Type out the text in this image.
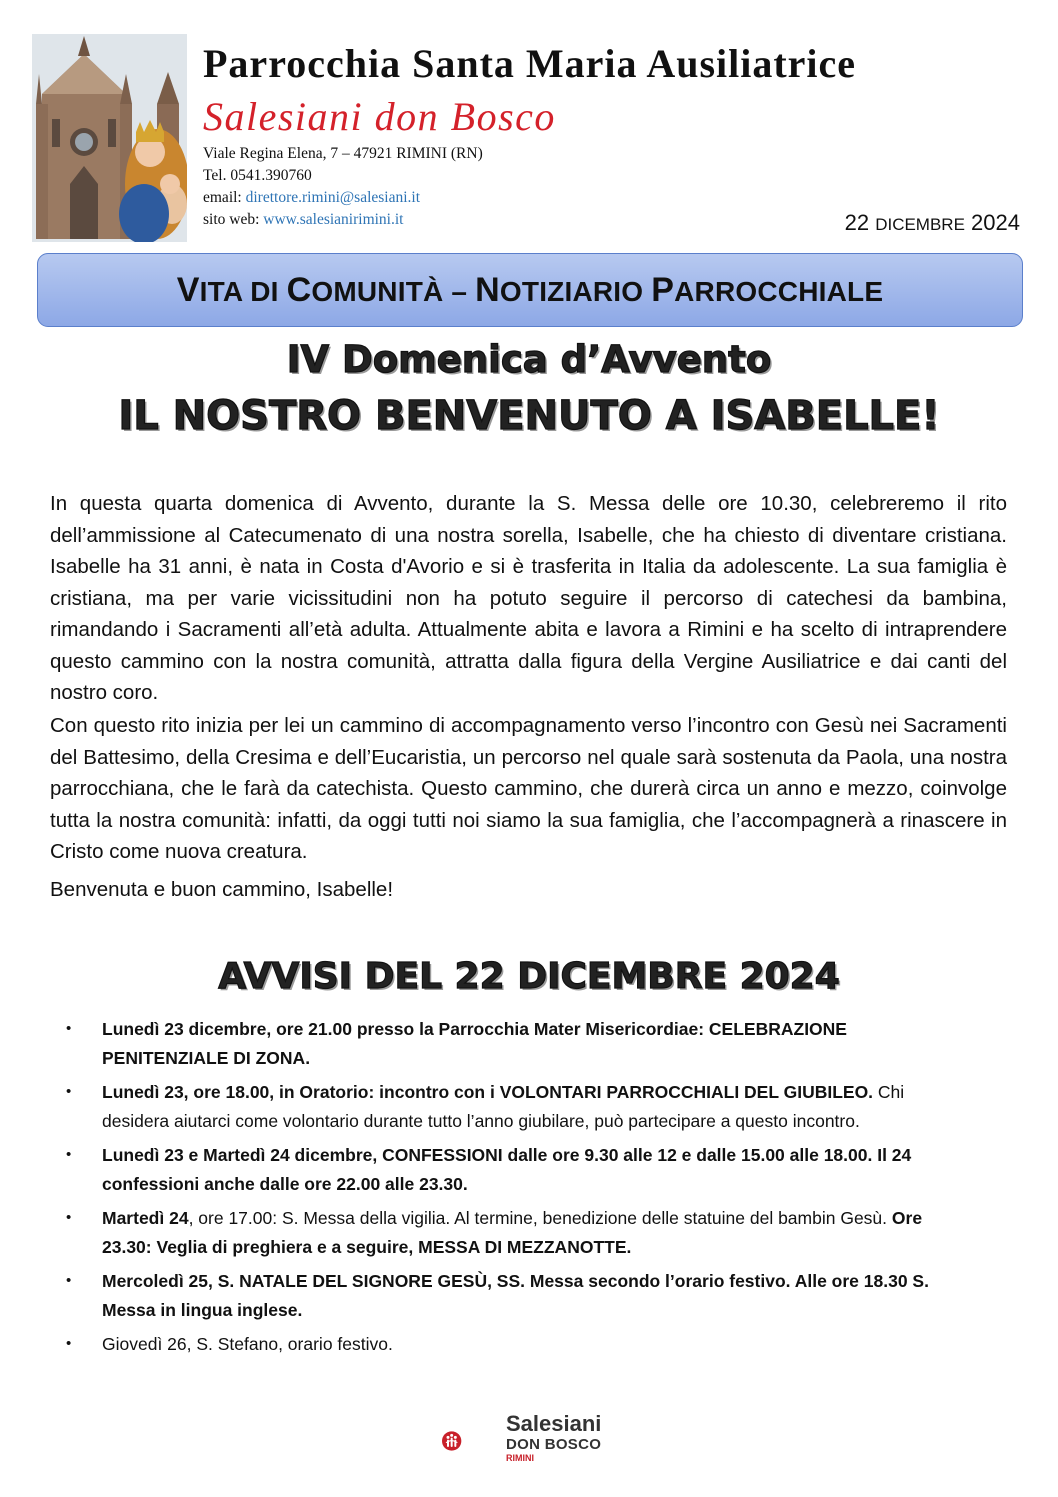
Parrocchia Santa Maria Ausiliatrice
Salesiani don Bosco
Viale Regina Elena, 7 – 47921 RIMINI (RN)
Tel. 0541.390760
email: direttore.rimini@salesiani.it
sito web: www.salesianirimini.it	22 DICEMBRE 2024
VITA DI COMUNITÀ – NOTIZIARIO PARROCCHIALE
IV Domenica d’Avvento
IL NOSTRO BENVENUTO A ISABELLE!

In questa quarta domenica di Avvento, durante la S. Messa delle ore 10.30, celebreremo il rito dell’ammissione al Catecumenato di una nostra sorella, Isabelle, che ha chiesto di diventare cristiana. Isabelle ha 31 anni, è nata in Costa d'Avorio e si è trasferita in Italia da adolescente. La sua famiglia è cristiana, ma per varie vicissitudini non ha potuto seguire il percorso di catechesi da bambina, rimandando i Sacramenti all’età adulta. Attualmente abita e lavora a Rimini e ha scelto di intraprendere questo cammino con la nostra comunità, attratta dalla figura della Vergine Ausiliatrice e dai canti del nostro coro.

Con questo rito inizia per lei un cammino di accompagnamento verso l’incontro con Gesù nei Sacramenti del Battesimo, della Cresima e dell’Eucaristia, un percorso nel quale sarà sostenuta da Paola, una nostra parrocchiana, che le farà da catechista. Questo cammino, che durerà circa un anno e mezzo, coinvolge tutta la nostra comunità: infatti, da oggi tutti noi siamo la sua famiglia, che l’accompagnerà a rinascere in Cristo come nuova creatura.

Benvenuta e buon cammino, Isabelle!

AVVISI DEL 22 DICEMBRE 2024
• Lunedì 23 dicembre, ore 21.00 presso la Parrocchia Mater Misericordiae: CELEBRAZIONE PENITENZIALE DI ZONA.
• Lunedì 23, ore 18.00, in Oratorio: incontro con i VOLONTARI PARROCCHIALI DEL GIUBILEO. Chi desidera aiutarci come volontario durante tutto l’anno giubilare, può partecipare a questo incontro.
• Lunedì 23 e Martedì 24 dicembre, CONFESSIONI dalle ore 9.30 alle 12 e dalle 15.00 alle 18.00. Il 24 confessioni anche dalle ore 22.00 alle 23.30.
• Martedì 24, ore 17.00: S. Messa della vigilia. Al termine, benedizione delle statuine del bambin Gesù. Ore 23.30: Veglia di preghiera e a seguire, MESSA DI MEZZANOTTE.
• Mercoledì 25, S. NATALE DEL SIGNORE GESÙ, SS. Messa secondo l’orario festivo. Alle ore 18.30 S. Messa in lingua inglese.
• Giovedì 26, S. Stefano, orario festivo.
Salesiani
DON BOSCO
RIMINI
